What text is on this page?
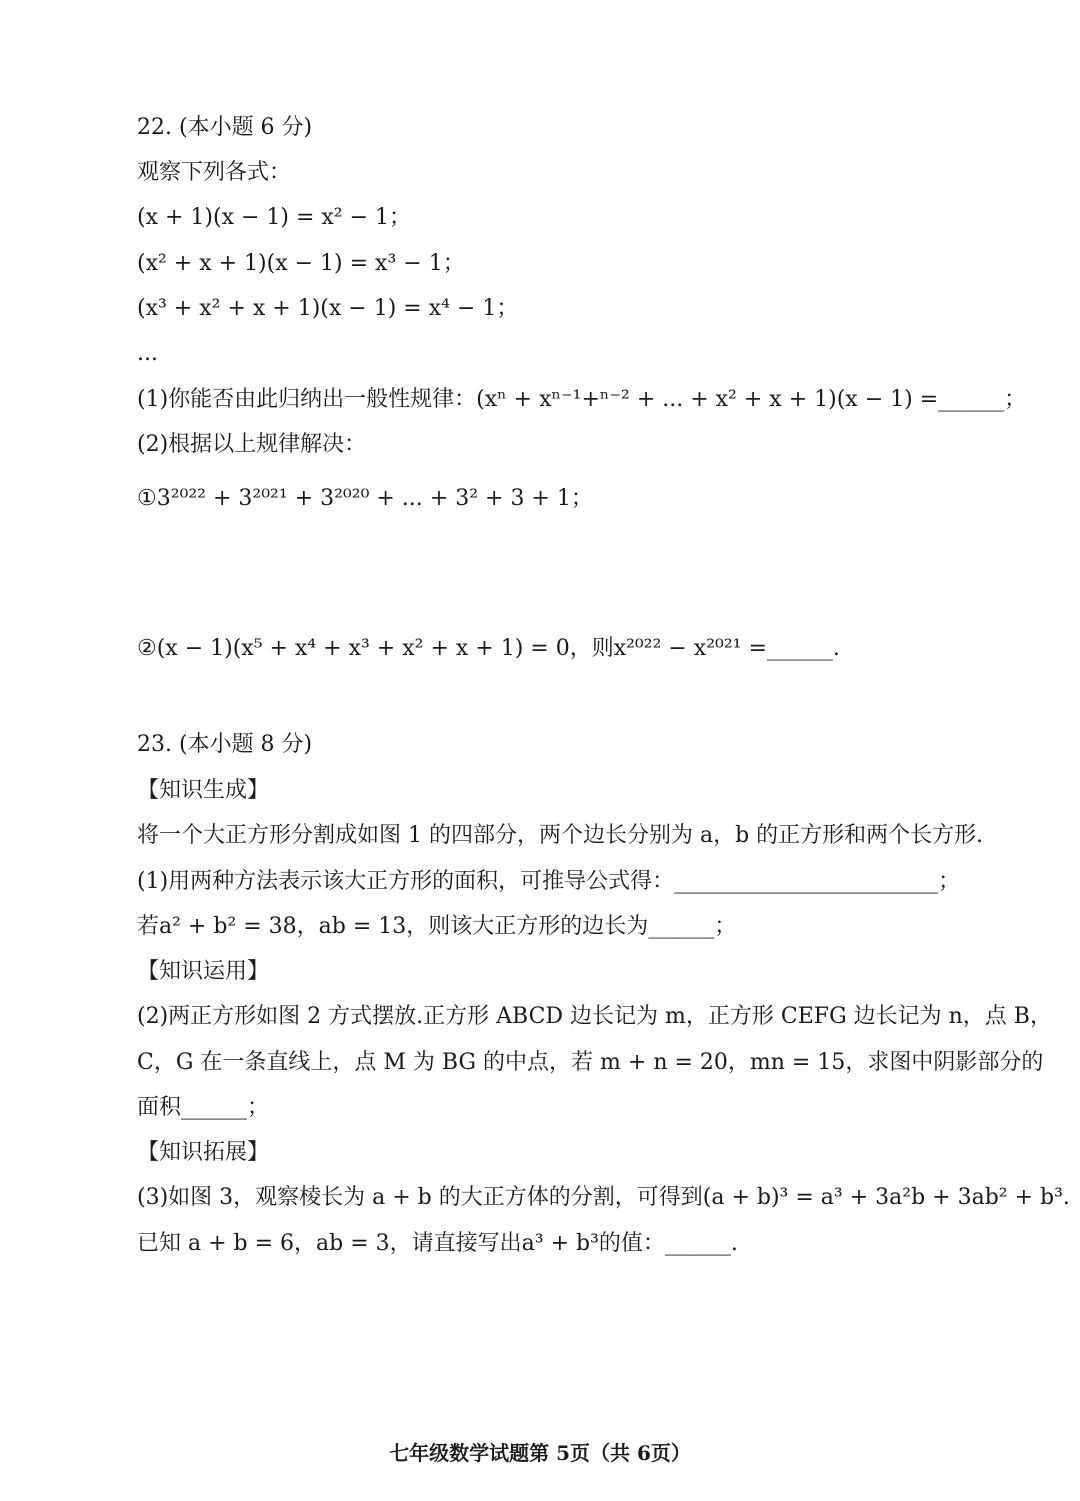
22. (本小题 6 分)
观察下列各式：
(x + 1)(x − 1) = x² − 1；
(x² + x + 1)(x − 1) = x³ − 1；
(x³ + x² + x + 1)(x − 1) = x⁴ − 1；
...
(1)你能否由此归纳出一般性规律：(xⁿ + xⁿ⁻¹+ⁿ⁻² + ... + x² + x + 1)(x − 1) =______；
(2)根据以上规律解决：
①3²⁰²² + 3²⁰²¹ + 3²⁰²⁰ + ... + 3² + 3 + 1；
②(x − 1)(x⁵ + x⁴ + x³ + x² + x + 1) = 0，则x²⁰²² − x²⁰²¹ =______.
23. (本小题 8 分)
【知识生成】
将一个大正方形分割成如图 1 的四部分，两个边长分别为 a，b 的正方形和两个长方形.
(1)用两种方法表示该大正方形的面积，可推导公式得：________________________；
若a² + b² = 38，ab = 13，则该大正方形的边长为______；
【知识运用】
(2)两正方形如图 2 方式摆放.正方形 ABCD 边长记为 m，正方形 CEFG 边长记为 n，点 B，
C，G 在一条直线上，点 M 为 BG 的中点，若 m + n = 20，mn = 15，求图中阴影部分的
面积______；
【知识拓展】
(3)如图 3，观察棱长为 a + b 的大正方体的分割，可得到(a + b)³ = a³ + 3a²b + 3ab² + b³.
已知 a + b = 6，ab = 3，请直接写出a³ + b³的值：______.
七年级数学试题第 5页（共 6页）
